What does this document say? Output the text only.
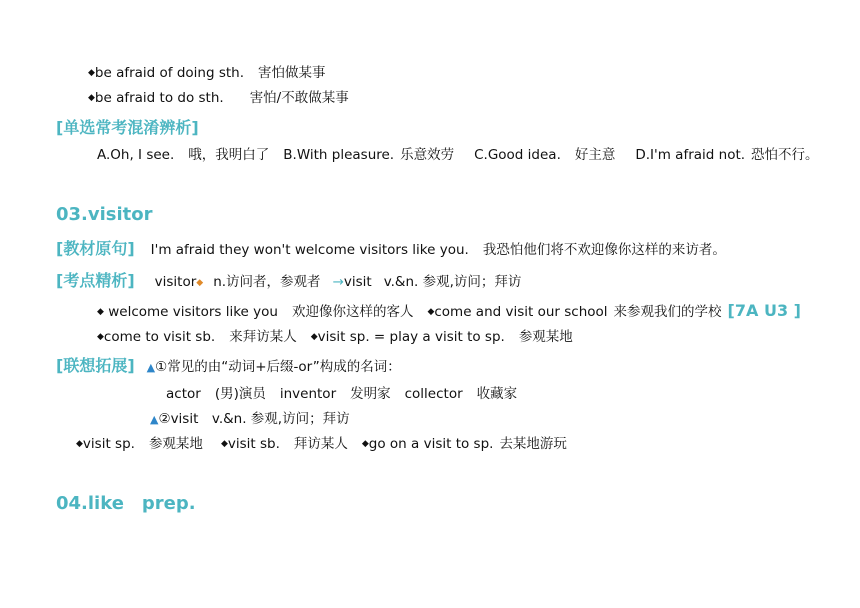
◆be afraid of doing sth. 害怕做某事
◆be afraid to do sth. 害怕/不敢做某事
[单选常考混淆辨析]
A.Oh, I see. 哦，我明白了 B.With pleasure. 乐意效劳 C.Good idea. 好主意 D.I'm afraid not. 恐怕不行。
03.visitor
[教材原句] I'm afraid they won't welcome visitors like you. 我恐怕他们将不欢迎像你这样的来访者。
[考点精析] visitor◆ n.访问者，参观者 →visit v.&n. 参观,访问；拜访
◆ welcome visitors like you 欢迎像你这样的客人 ◆come and visit our school 来参观我们的学校 [7A U3 ]
◆come to visit sb. 来拜访某人 ◆visit sp. = play a visit to sp. 参观某地
[联想拓展] ▲①常见的由“动词+后缀-or”构成的名词：
actor (男)演员 inventor 发明家 collector 收藏家
▲②visit　v.&n. 参观,访问；拜访
◆visit sp. 参观某地 ◆visit sb. 拜访某人 ◆go on a visit to sp. 去某地游玩
04.like　prep.
